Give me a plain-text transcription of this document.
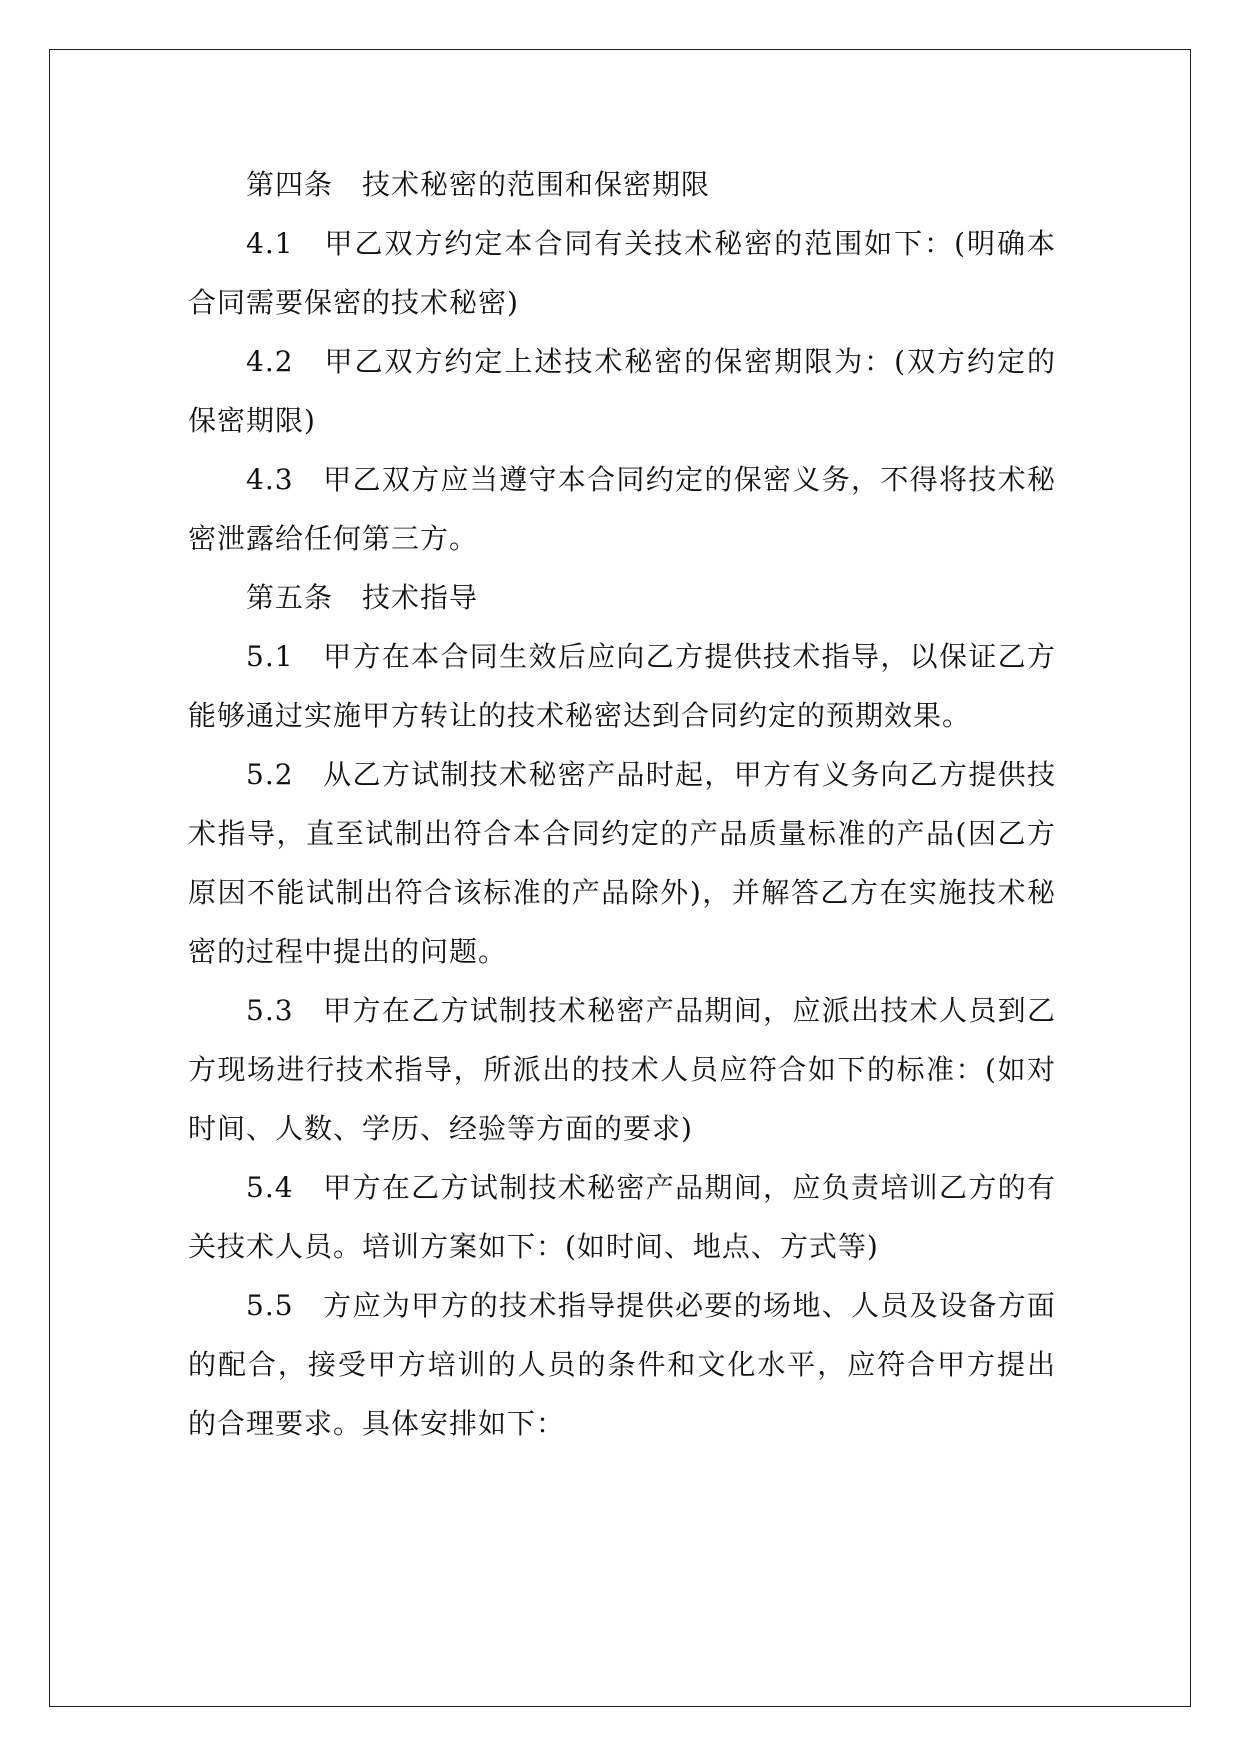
第四条　技术秘密的范围和保密期限

4.1　甲乙双方约定本合同有关技术秘密的范围如下：(明确本合同需要保密的技术秘密)

4.2　甲乙双方约定上述技术秘密的保密期限为：(双方约定的保密期限)

4.3　甲乙双方应当遵守本合同约定的保密义务，不得将技术秘密泄露给任何第三方。

第五条　技术指导

5.1　甲方在本合同生效后应向乙方提供技术指导，以保证乙方能够通过实施甲方转让的技术秘密达到合同约定的预期效果。

5.2　从乙方试制技术秘密产品时起，甲方有义务向乙方提供技术指导，直至试制出符合本合同约定的产品质量标准的产品(因乙方原因不能试制出符合该标准的产品除外)，并解答乙方在实施技术秘密的过程中提出的问题。

5.3　甲方在乙方试制技术秘密产品期间，应派出技术人员到乙方现场进行技术指导，所派出的技术人员应符合如下的标准：(如对时间、人数、学历、经验等方面的要求)

5.4　甲方在乙方试制技术秘密产品期间，应负责培训乙方的有关技术人员。培训方案如下：(如时间、地点、方式等)

5.5　方应为甲方的技术指导提供必要的场地、人员及设备方面的配合，接受甲方培训的人员的条件和文化水平，应符合甲方提出的合理要求。具体安排如下：
